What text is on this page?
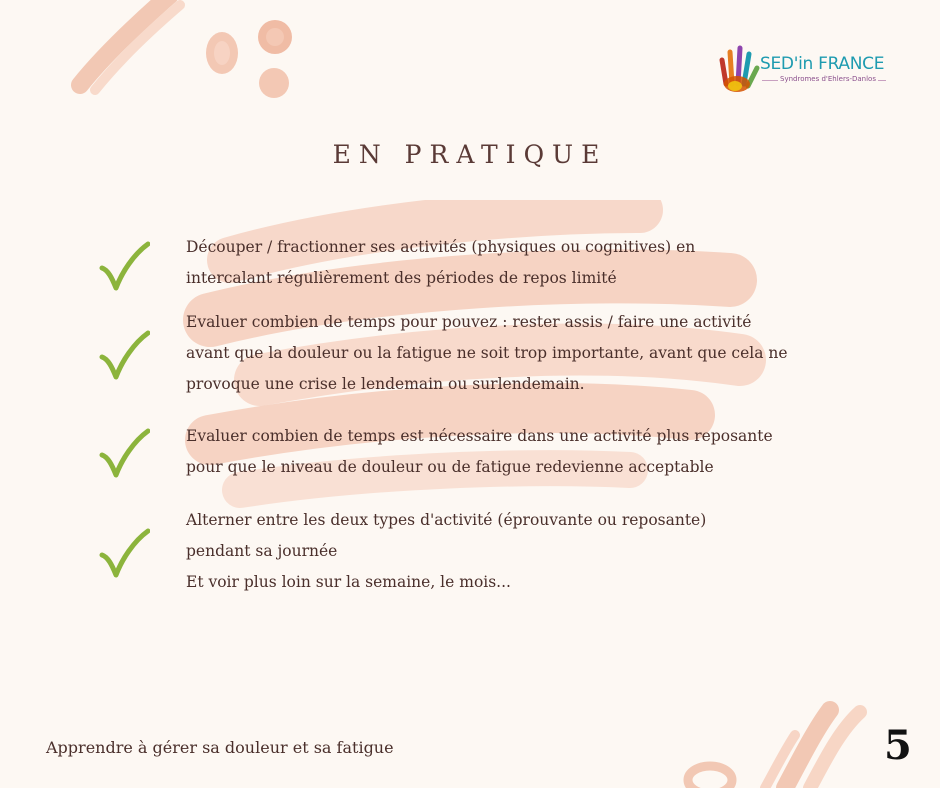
SED'in FRANCE
Syndromes d'Ehlers-Danlos
EN PRATIQUE
Découper / fractionner ses activités (physiques ou cognitives) en
intercalant régulièrement des périodes de repos limité
Evaluer combien de temps pour pouvez : rester assis / faire une activité
avant que la douleur ou la fatigue ne soit trop importante, avant que cela ne
provoque une crise le lendemain ou surlendemain.
Evaluer combien de temps est nécessaire dans une activité plus reposante
pour que le niveau de douleur ou de fatigue redevienne acceptable
Alterner entre les deux types d'activité (éprouvante ou reposante)
pendant sa journée
Et voir plus loin sur la semaine, le mois...
Apprendre à gérer sa douleur et sa fatigue	5
